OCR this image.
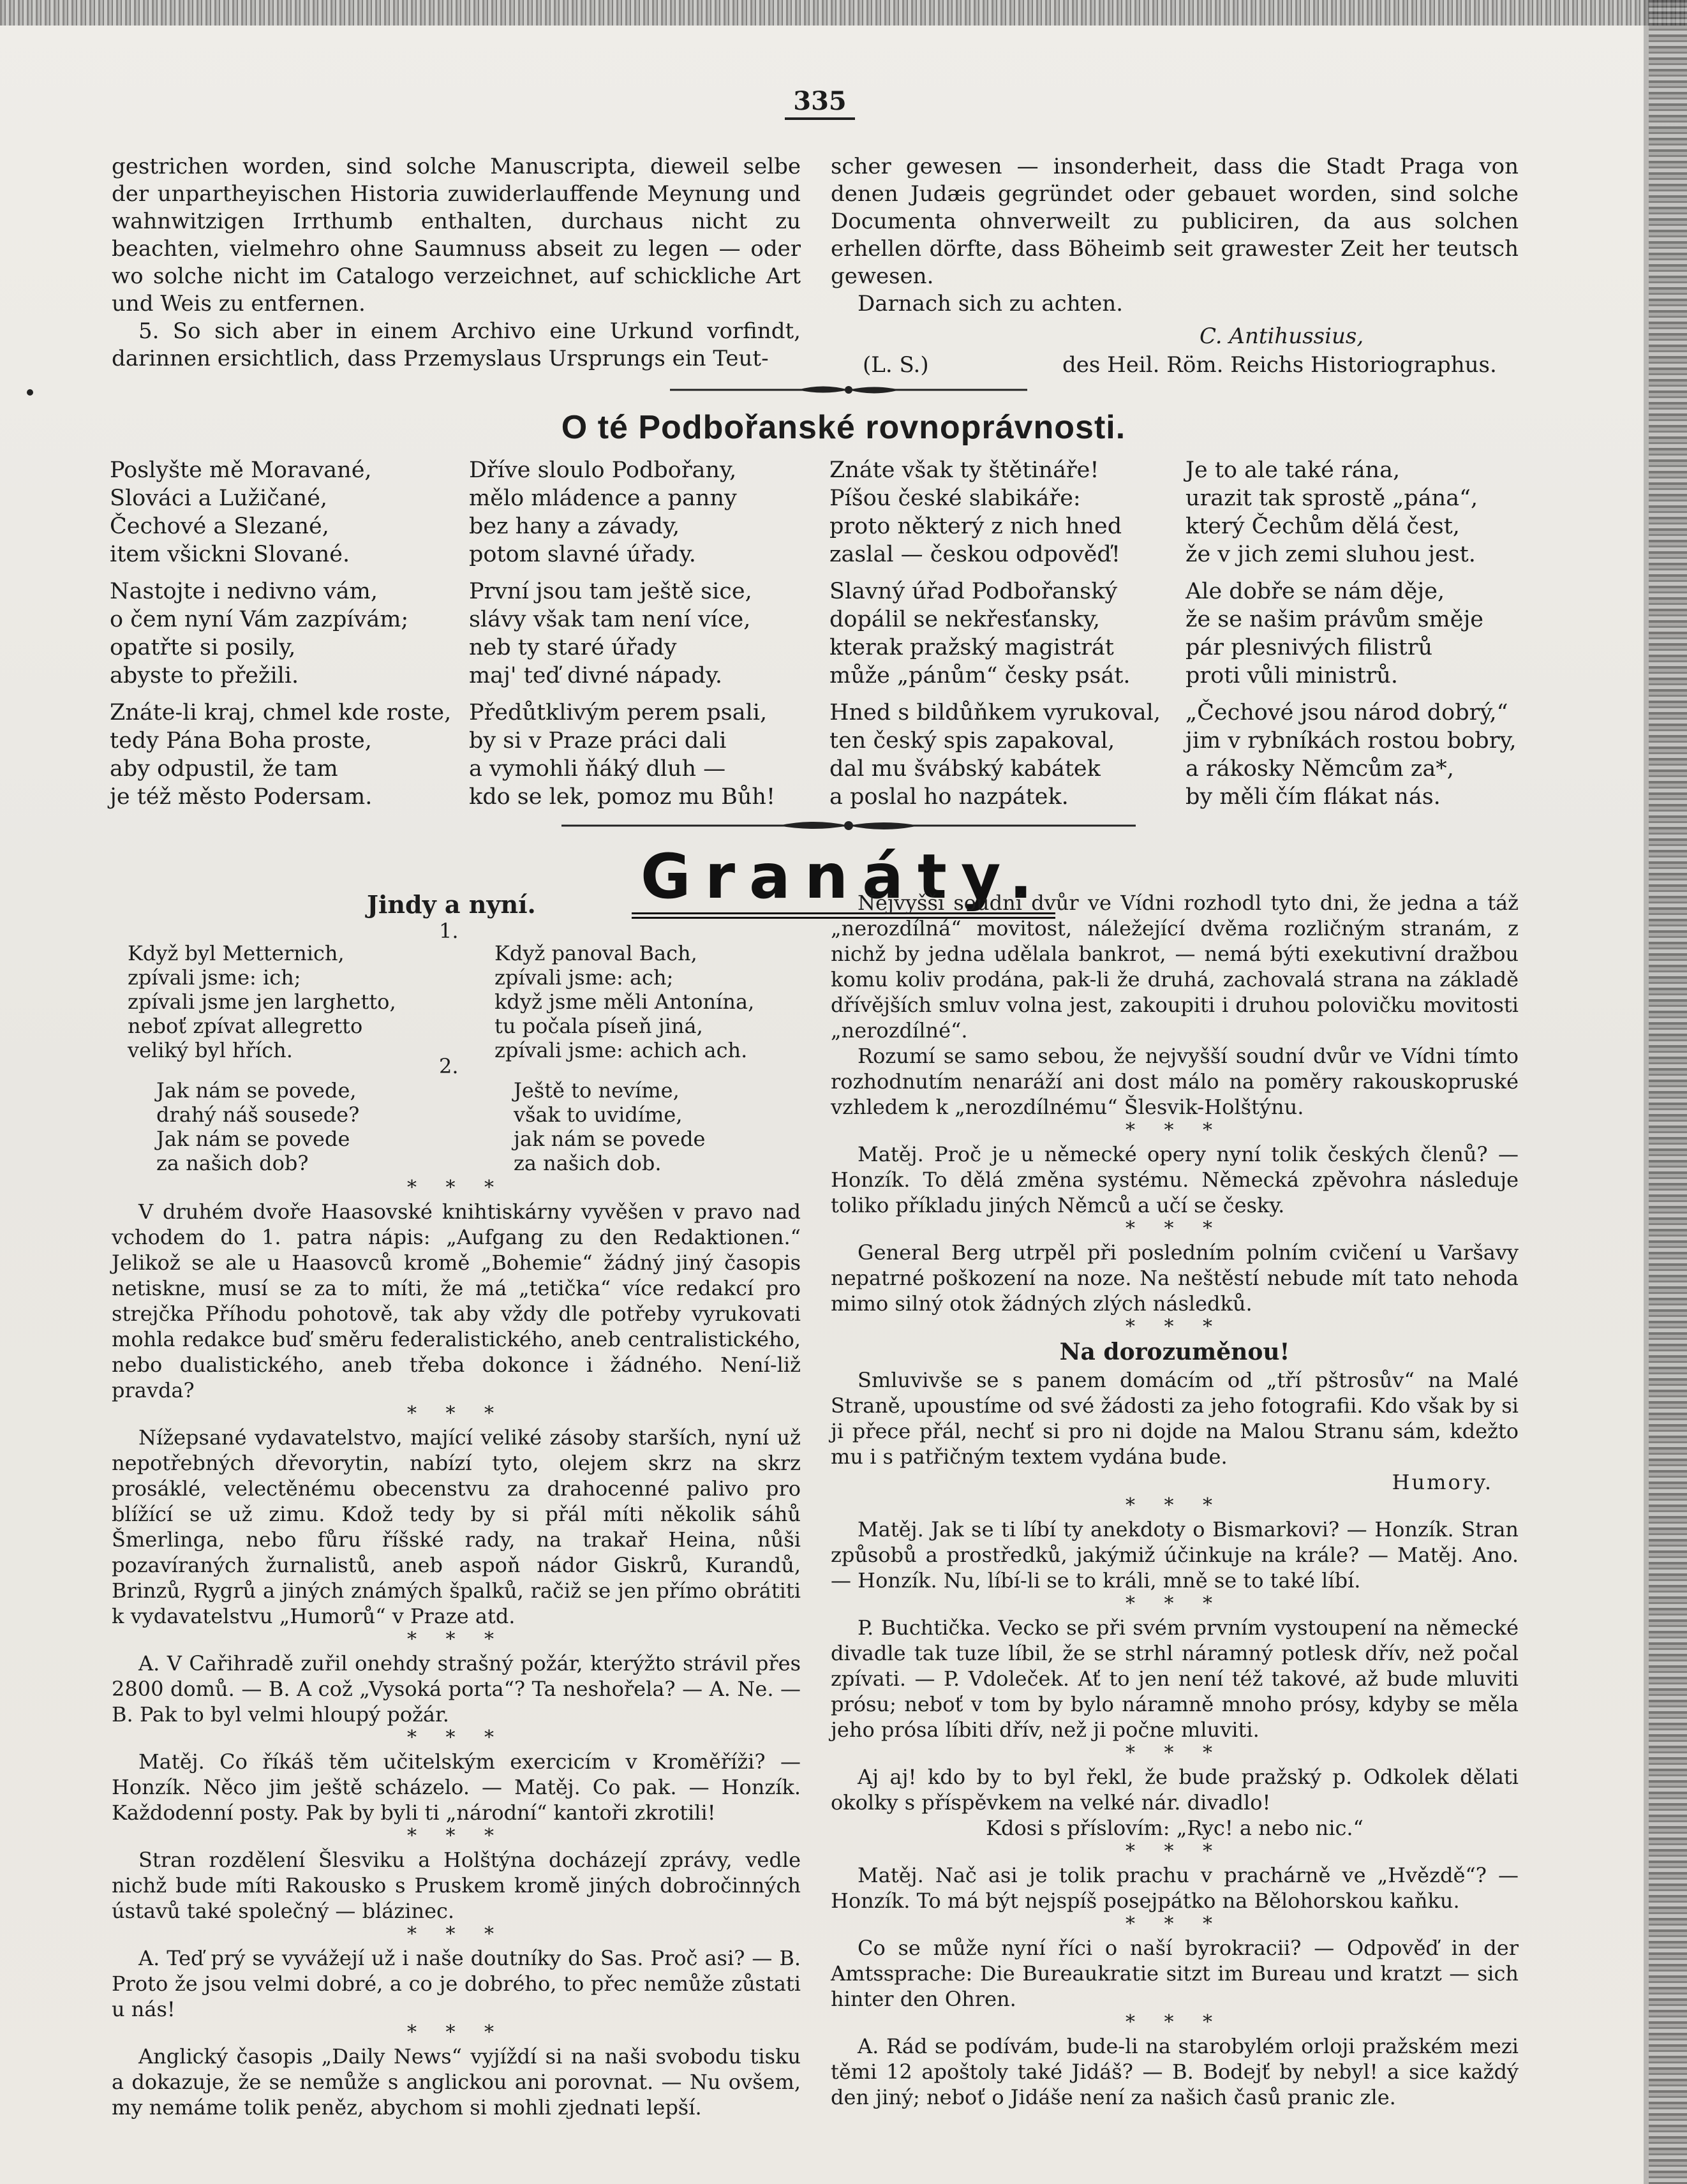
335

gestrichen worden, sind solche Manuscripta, dieweil selbe der unpartheyischen Historia zuwiderlauffende Meynung und wahnwitzigen Irrthumb enthalten, durchaus nicht zu beachten, vielmehro ohne Saumnuss abseit zu legen — oder wo solche nicht im Catalogo verzeichnet, auf schickliche Art und Weis zu entfernen.

5. So sich aber in einem Archivo eine Urkund vorfindt, darinnen ersichtlich, dass Przemyslaus Ursprungs ein Teut-

scher gewesen — insonderheit, dass die Stadt Praga von denen Judæis gegründet oder gebauet worden, sind solche Documenta ohnverweilt zu publiciren, da aus solchen erhellen dörfte, dass Böheimb seit grawester Zeit her teutsch gewesen.

Darnach sich zu achten.

C. Antihussius,
(L. S.)	des Heil. Röm. Reichs Historiographus.
O té Podbořanské rovnoprávnosti.
Poslyšte mě Moravané,
Slováci a Lužičané,
Čechové a Slezané,
item všickni Slované.
Nastojte i nedivno vám,
o čem nyní Vám zazpívám;
opatřte si posily,
abyste to přežili.
Znáte-li kraj, chmel kde roste,
tedy Pána Boha proste,
aby odpustil, že tam
je též město Podersam.
Dříve sloulo Podbořany,
mělo mládence a panny
bez hany a závady,
potom slavné úřady.
První jsou tam ještě sice,
slávy však tam není více,
neb ty staré úřady
maj' teď divné nápady.
Předůtklivým perem psali,
by si v Praze práci dali
a vymohli ňáký dluh —
kdo se lek, pomoz mu Bůh!
Znáte však ty štětináře!
Píšou české slabikáře:
proto některý z nich hned
zaslal — českou odpověď!
Slavný úřad Podbořanský
dopálil se nekřesťansky,
kterak pražský magistrát
může „pánům“ česky psát.
Hned s bildůňkem vyrukoval,
ten český spis zapakoval,
dal mu švábský kabátek
a poslal ho nazpátek.
Je to ale také rána,
urazit tak sprostě „pána“,
který Čechům dělá čest,
že v jich zemi sluhou jest.
Ale dobře se nám děje,
že se našim právům směje
pár plesnivých filistrů
proti vůli ministrů.
„Čechové jsou národ dobrý,“
jim v rybníkách rostou bobry,
a rákosky Němcům za*,
by měli čím flákat nás.
Granáty.
Jindy a nyní.
1.
Když byl Metternich,
zpívali jsme: ich;
zpívali jsme jen larghetto,
neboť zpívat allegretto
veliký byl hřích.
Když panoval Bach,
zpívali jsme: ach;
když jsme měli Antonína,
tu počala píseň jiná,
zpívali jsme: achich ach.
2.
Jak nám se povede,
drahý náš sousede?
Jak nám se povede
za našich dob?
Ještě to nevíme,
však to uvidíme,
jak nám se povede
za našich dob.
* * *

V druhém dvoře Haasovské knihtiskárny vyvěšen v pravo nad vchodem do 1. patra nápis: „Aufgang zu den Redaktionen.“ Jelikož se ale u Haasovců kromě „Bohemie“ žádný jiný časopis netiskne, musí se za to míti, že má „tetička“ více redakcí pro strejčka Příhodu pohotově, tak aby vždy dle potřeby vyrukovati mohla redakce buď směru federalistického, aneb centralistického, nebo dualistického, aneb třeba dokonce i žádného. Není-liž pravda?

* * *

Nížepsané vydavatelstvo, mající veliké zásoby starších, nyní už nepotřebných dřevorytin, nabízí tyto, olejem skrz na skrz prosáklé, velectěnému obecenstvu za drahocenné palivo pro blížící se už zimu. Kdož tedy by si přál míti několik sáhů Šmerlinga, nebo fůru říšské rady, na trakař Heina, nůši pozavíraných žurnalistů, aneb aspoň nádor Giskrů, Kurandů, Brinzů, Rygrů a jiných známých špalků, račiž se jen přímo obrátiti k vydavatelstvu „Humorů“ v Praze atd.

* * *

A. V Cařihradě zuřil onehdy strašný požár, kterýžto strávil přes 2800 domů. — B. A což „Vysoká porta“? Ta neshořela? — A. Ne. — B. Pak to byl velmi hloupý požár.

* * *

Matěj. Co říkáš těm učitelským exercicím v Kroměříži? — Honzík. Něco jim ještě scházelo. — Matěj. Co pak. — Honzík. Každodenní posty. Pak by byli ti „národní“ kantoři zkrotili!

* * *

Stran rozdělení Šlesviku a Holštýna docházejí zprávy, vedle nichž bude míti Rakousko s Pruskem kromě jiných dobročinných ústavů také společný — blázinec.

* * *

A. Teď prý se vyvážejí už i naše doutníky do Sas. Proč asi? — B. Proto že jsou velmi dobré, a co je dobrého, to přec nemůže zůstati u nás!

* * *

Anglický časopis „Daily News“ vyjíždí si na naši svobodu tisku a dokazuje, že se nemůže s anglickou ani porovnat. — Nu ovšem, my nemáme tolik peněz, abychom si mohli zjednati lepší.

Nejvyšší soudní dvůr ve Vídni rozhodl tyto dni, že jedna a táž „nerozdílná“ movitost, náležející dvěma rozličným stranám, z nichž by jedna udělala bankrot, — nemá býti exekutivní dražbou komu koliv prodána, pak-li že druhá, zachovalá strana na základě dřívějších smluv volna jest, zakoupiti i druhou polovičku movitosti „nerozdílné“.

Rozumí se samo sebou, že nejvyšší soudní dvůr ve Vídni tímto rozhodnutím nenaráží ani dost málo na poměry rakouskopruské vzhledem k „nerozdílnému“ Šlesvik-Holštýnu.

* * *

Matěj. Proč je u německé opery nyní tolik českých členů? — Honzík. To dělá změna systému. Německá zpěvohra následuje toliko příkladu jiných Němců a učí se česky.

* * *

General Berg utrpěl při posledním polním cvičení u Varšavy nepatrné poškození na noze. Na neštěstí nebude mít tato nehoda mimo silný otok žádných zlých následků.

* * *
Na dorozuměnou!

Smluvivše se s panem domácím od „tří pštrosův“ na Malé Straně, upoustíme od své žádosti za jeho fotografii. Kdo však by si ji přece přál, nechť si pro ni dojde na Malou Stranu sám, kdežto mu i s patřičným textem vydána bude.

Humory.
* * *

Matěj. Jak se ti líbí ty anekdoty o Bismarkovi? — Honzík. Stran způsobů a prostředků, jakýmiž účinkuje na krále? — Matěj. Ano. — Honzík. Nu, líbí-li se to králi, mně se to také líbí.

* * *

P. Buchtička. Vecko se při svém prvním vystoupení na německé divadle tak tuze líbil, že se strhl náramný potlesk dřív, než počal zpívati. — P. Vdoleček. Ať to jen není též takové, až bude mluviti prósu; neboť v tom by bylo náramně mnoho prósy, kdyby se měla jeho prósa líbiti dřív, než ji počne mluviti.

* * *

Aj aj! kdo by to byl řekl, že bude pražský p. Odkolek dělati okolky s příspěvkem na velké nár. divadlo!

Kdosi s příslovím: „Ryc! a nebo nic.“

* * *

Matěj. Nač asi je tolik prachu v prachárně ve „Hvězdě“? — Honzík. To má být nejspíš posejpátko na Bělohorskou kaňku.

* * *

Co se může nyní říci o naší byrokracii? — Odpověď in der Amtssprache: Die Bureaukratie sitzt im Bureau und kratzt — sich hinter den Ohren.

* * *

A. Rád se podívám, bude-li na starobylém orloji pražském mezi těmi 12 apoštoly také Jidáš? — B. Bodejť by nebyl! a sice každý den jiný; neboť o Jidáše není za našich časů pranic zle.
